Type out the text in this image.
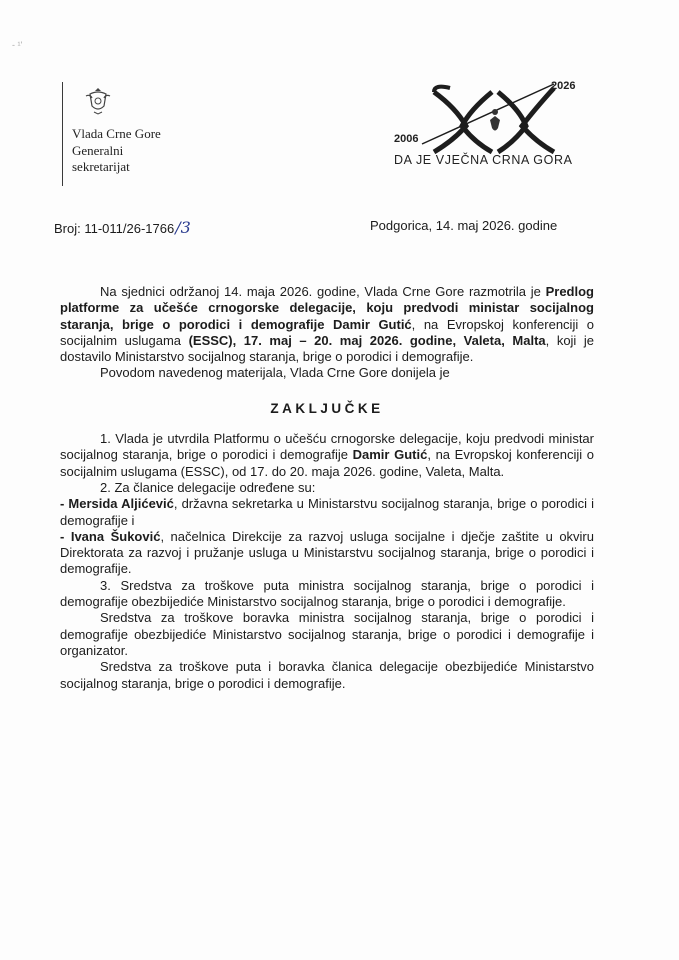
- ¹'
Vlada Crne Gore
Generalni
sekretarijat
2026
2006
DA JE VJEČNA CRNA GORA
Broj: 11-011/26-1766/3	Podgorica, 14. maj 2026. godine

Na sjednici održanoj 14. maja 2026. godine, Vlada Crne Gore razmotrila je Predlog platforme za učešće crnogorske delegacije, koju predvodi ministar socijalnog staranja, brige o porodici i demografije Damir Gutić, na Evropskoj konferenciji o socijalnim uslugama (ESSC), 17. maj – 20. maj 2026. godine, Valeta, Malta, koji je dostavilo Ministarstvo socijalnog staranja, brige o porodici i demografije.

Povodom navedenog materijala, Vlada Crne Gore donijela je

ZAKLJUČKE

1. Vlada je utvrdila Platformu o učešću crnogorske delegacije, koju predvodi ministar socijalnog staranja, brige o porodici i demografije Damir Gutić, na Evropskoj konferenciji o socijalnim uslugama (ESSC), od 17. do 20. maja 2026. godine, Valeta, Malta.

2. Za članice delegacije određene su:

- Mersida Aljićević, državna sekretarka u Ministarstvu socijalnog staranja, brige o porodici i demografije i

- Ivana Šuković, načelnica Direkcije za razvoj usluga socijalne i dječje zaštite u okviru Direktorata za razvoj i pružanje usluga u Ministarstvu socijalnog staranja, brige o porodici i demografije.

3. Sredstva za troškove puta ministra socijalnog staranja, brige o porodici i demografije obezbijediće Ministarstvo socijalnog staranja, brige o porodici i demografije.

Sredstva za troškove boravka ministra socijalnog staranja, brige o porodici i demografije obezbijediće Ministarstvo socijalnog staranja, brige o porodici i demografije i organizator.

Sredstva za troškove puta i boravka članica delegacije obezbijediće Ministarstvo socijalnog staranja, brige o porodici i demografije.
